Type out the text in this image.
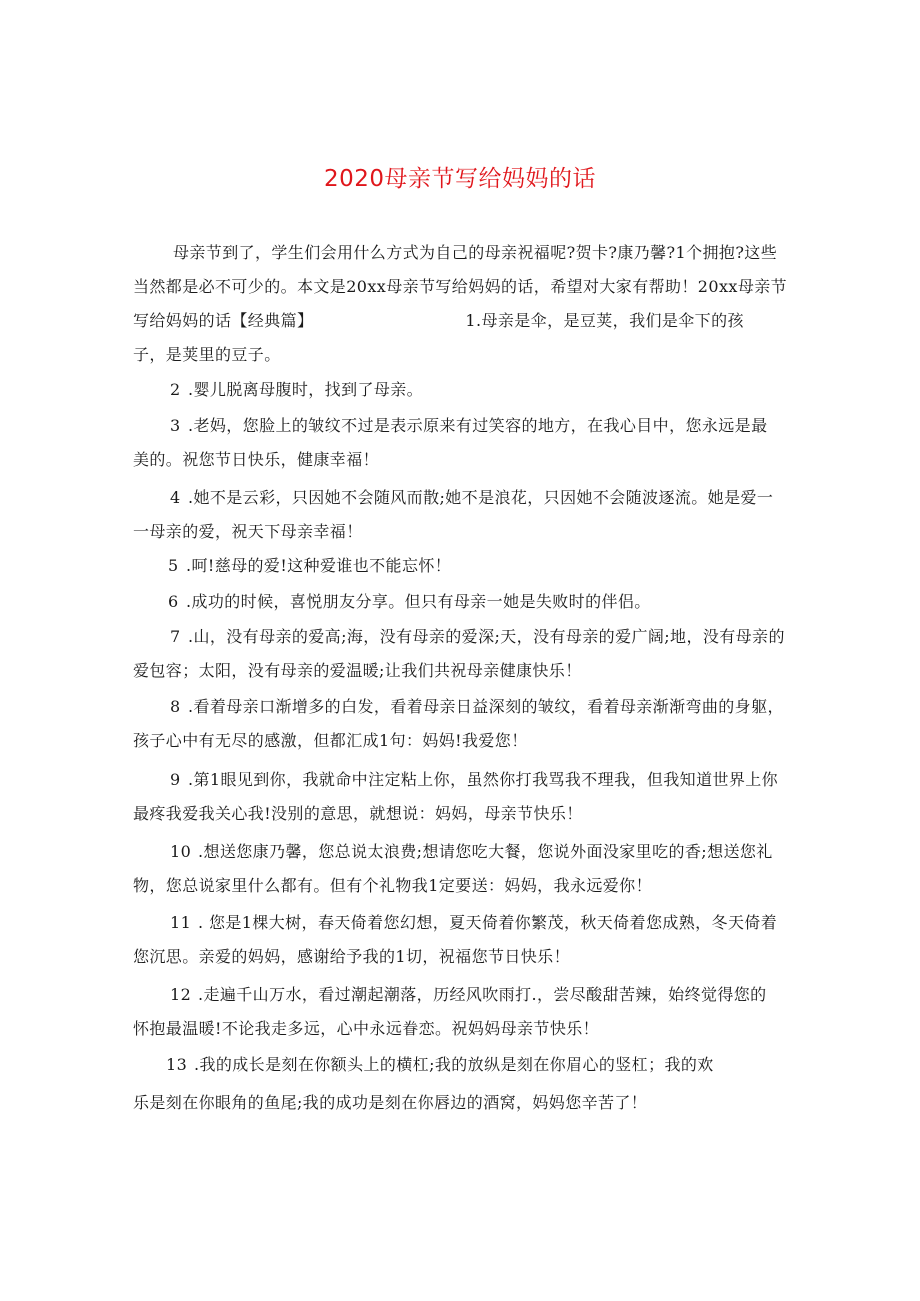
2020母亲节写给妈妈的话
母亲节到了，学生们会用什么方式为自己的母亲祝福呢?贺卡?康乃馨?1个拥抱?这些
当然都是必不可少的。本文是20xx母亲节写给妈妈的话，希望对大家有帮助！20xx母亲节
写给妈妈的话【经典篇】	1.母亲是伞，是豆荚，我们是伞下的孩
子，是荚里的豆子。
2 .婴儿脱离母腹时，找到了母亲。
3 .老妈，您脸上的皱纹不过是表示原来有过笑容的地方，在我心目中，您永远是最
美的。祝您节日快乐，健康幸福！
4 .她不是云彩，只因她不会随风而散;她不是浪花，只因她不会随波逐流。她是爱一
一母亲的爱，祝天下母亲幸福！
5 .呵!慈母的爱!这种爱谁也不能忘怀！
6 .成功的时候，喜悦朋友分享。但只有母亲一她是失败时的伴侣。
7 .山，没有母亲的爱高;海，没有母亲的爱深;天，没有母亲的爱广阔;地，没有母亲的
爱包容；太阳，没有母亲的爱温暖;让我们共祝母亲健康快乐！
8 .看着母亲口渐增多的白发，看着母亲日益深刻的皱纹，看着母亲渐渐弯曲的身躯，
孩子心中有无尽的感激，但都汇成1句：妈妈!我爱您！
9 .第1眼见到你，我就命中注定粘上你，虽然你打我骂我不理我，但我知道世界上你
最疼我爱我关心我!没别的意思，就想说：妈妈，母亲节快乐！
10 .想送您康乃馨，您总说太浪费;想请您吃大餐，您说外面没家里吃的香;想送您礼
物，您总说家里什么都有。但有个礼物我1定要送：妈妈，我永远爱你！
11 . 您是1棵大树，春天倚着您幻想，夏天倚着你繁茂，秋天倚着您成熟，冬天倚着
您沉思。亲爱的妈妈，感谢给予我的1切，祝福您节日快乐！
12 .走遍千山万水，看过潮起潮落，历经风吹雨打.，尝尽酸甜苦辣，始终觉得您的
怀抱最温暖!不论我走多远，心中永远眷恋。祝妈妈母亲节快乐！
13 .我的成长是刻在你额头上的横杠;我的放纵是刻在你眉心的竖杠；我的欢
乐是刻在你眼角的鱼尾;我的成功是刻在你唇边的酒窝，妈妈您辛苦了！
